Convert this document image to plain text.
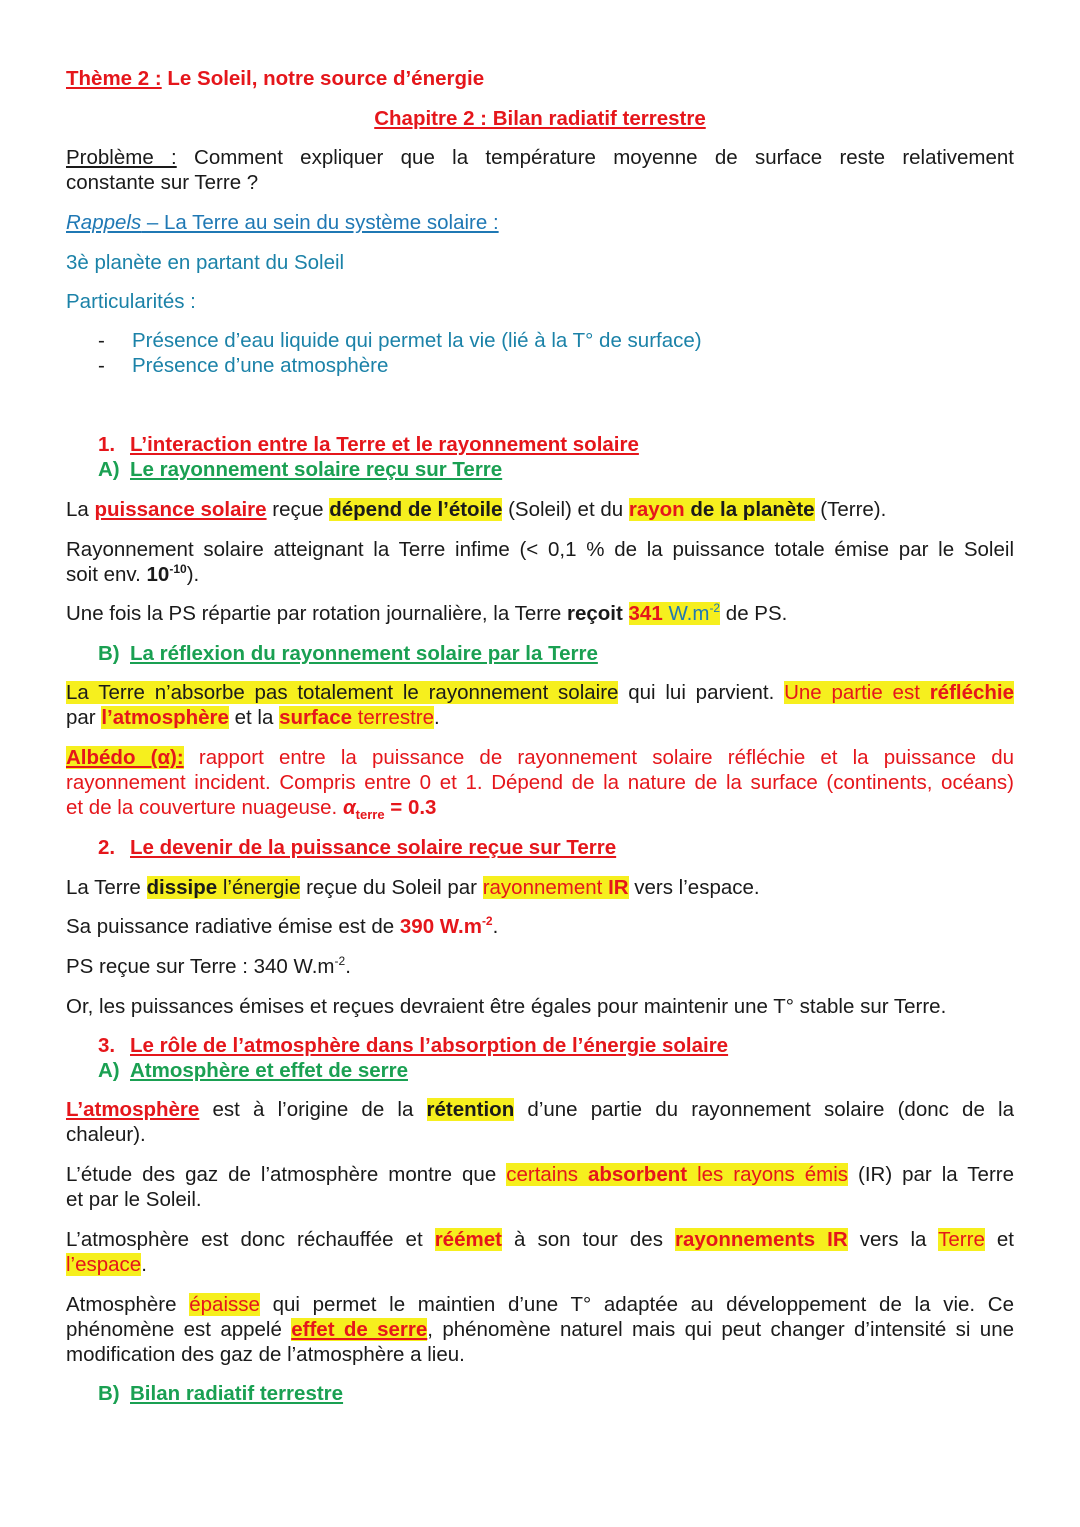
Thème 2 : Le Soleil, notre source d’énergie
Chapitre 2 : Bilan radiatif terrestre
Problème : Comment expliquer que la température moyenne de surface reste relativement
constante sur Terre ?
Rappels – La Terre au sein du système solaire :
3è planète en partant du Soleil
Particularités :
- Présence d’eau liquide qui permet la vie (lié à la T° de surface)
- Présence d’une atmosphère
1. L’interaction entre la Terre et le rayonnement solaire
A) Le rayonnement solaire reçu sur Terre
La puissance solaire reçue dépend de l’étoile (Soleil) et du rayon de la planète (Terre).
Rayonnement solaire atteignant la Terre infime (< 0,1 % de la puissance totale émise par le Soleil
soit env. $10^{-10}$).
Une fois la PS répartie par rotation journalière, la Terre reçoit 341 $W.m^{-2}$ de PS.
B) La réflexion du rayonnement solaire par la Terre
La Terre n’absorbe pas totalement le rayonnement solaire qui lui parvient. Une partie est réfléchie
par l’atmosphère et la surface terrestre.
Albédo (α): rapport entre la puissance de rayonnement solaire réfléchie et la puissance du
rayonnement incident. Compris entre 0 et 1. Dépend de la nature de la surface (continents, océans)
et de la couverture nuageuse. $\alpha_{terre} = 0.3$
2. Le devenir de la puissance solaire reçue sur Terre
La Terre dissipe l’énergie reçue du Soleil par rayonnement IR vers l’espace.
Sa puissance radiative émise est de 390 $W.m^{-2}$.
PS reçue sur Terre : 340 $W.m^{-2}$.
Or, les puissances émises et reçues devraient être égales pour maintenir une T° stable sur Terre.
3. Le rôle de l’atmosphère dans l’absorption de l’énergie solaire
A) Atmosphère et effet de serre
L’atmosphère est à l’origine de la rétention d’une partie du rayonnement solaire (donc de la
chaleur).
L’étude des gaz de l’atmosphère montre que certains absorbent les rayons émis (IR) par la Terre
et par le Soleil.
L’atmosphère est donc réchauffée et réémet à son tour des rayonnements IR vers la Terre et
l’espace.
Atmosphère épaisse qui permet le maintien d’une T° adaptée au développement de la vie. Ce
phénomène est appelé effet de serre, phénomène naturel mais qui peut changer d’intensité si une
modification des gaz de l’atmosphère a lieu.
B) Bilan radiatif terrestre
